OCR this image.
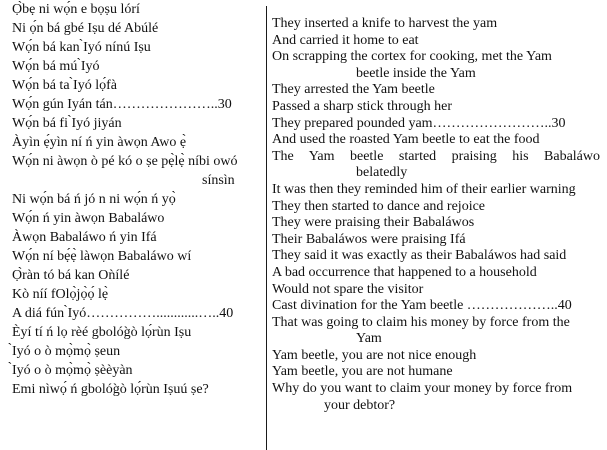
Ọ̀bẹ ni wọ́n e bọṣu lórí
Ni ọ́n bá gbé Iṣu dé Abúlé
Wọ́n bá kan ̀Iyó nínú Iṣu
Wọ́n bá mú ̀Iyó
Wọ́n bá ta ̀Iyó lọ́fà
Wọ́n gún Iyán tán…………………..30
Wọ́n bá fi ̀Iyó jiyán
Àyìn ẹ́yìn ní ń yin àwọn Awo ẹ̀
Wọ́n ni àwọn ò pé kó o ṣe pẹ̀lẹ̀ níbi owó
sínsìn
Ni wọ́n bá ń jó n ni wọ́n ń yọ̀
Wọ́n ń yin àwọn Babaláwo
Àwọn Babaláwo ń yin Ifá
Wọ́n ní bẹ́ẹ̀ làwọn Babaláwo wí
Ọ̀ràn tó bá kan Oǹílé
Kò níí fOlọ̀jọ̀ọ́ lẹ̀
A diá fún ̀Iyó……………............…..40
Èyí tí ń lọ rèé gbológ̀ò lọ́rùn Iṣu
̀Iyó o ò mọ̀mọ̀ ṣeun
̀Iyó o ò mọ̀mọ̀ ṣèèyàn
Emi nìwọ́ ń gbológ̀ò lọ́rùn Iṣuú ṣe?
They inserted a knife to harvest the yam
And carried it home to eat
On scrapping the cortex for cooking, met the Yam
beetle inside the Yam
They arrested the Yam beetle
Passed a sharp stick through her
They prepared pounded yam……………………..30
And used the roasted Yam beetle to eat the food
The Yam beetle started praising his Babaláwo
belatedly
It was then they reminded him of their earlier warning
They then started to dance and rejoice
They were praising their Babaláwos
Their Babaláwos were praising Ifá
They said it was exactly as their Babaláwos had said
A bad occurrence that happened to a household
Would not spare the visitor
Cast divination for the Yam beetle ………………..40
That was going to claim his money by force from the
Yam
Yam beetle, you are not nice enough
Yam beetle, you are not humane
Why do you want to claim your money by force from
your debtor?
